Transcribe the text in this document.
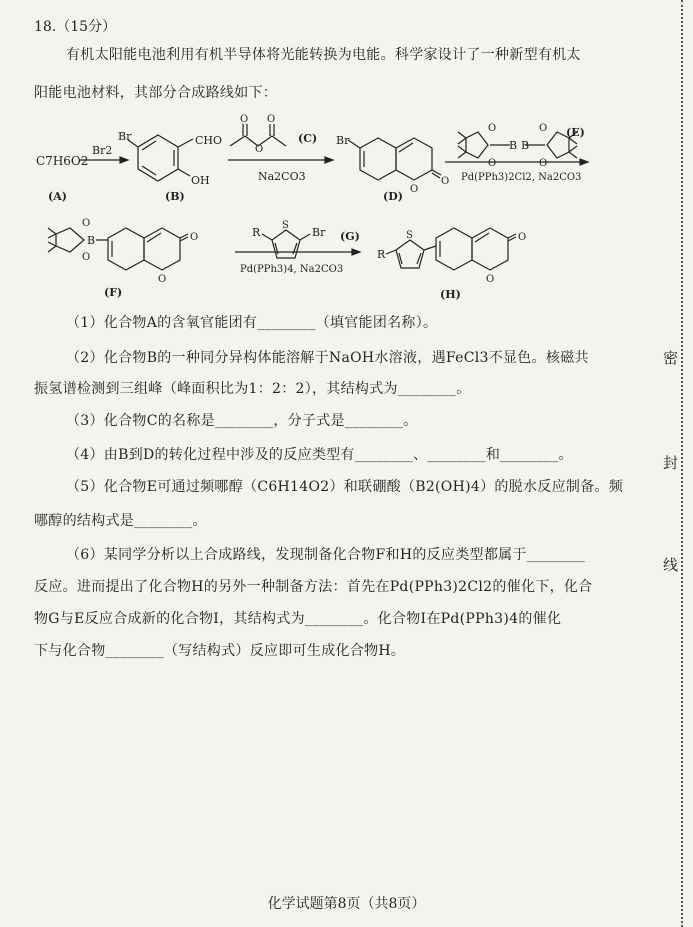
18.（15分）
有机太阳能电池利用有机半导体将光能转换为电能。科学家设计了一种新型有机太
阳能电池材料，其部分合成路线如下：
C7H6O2
Br2
(A)
Br	CHO
OH
(B)
O
O O
(C)
Na2CO3
Br
O
O
(D)
O
O
O
O
B B
(E)
Pd(PPh3)2Cl2, Na2CO3
O
O
B
O
O
(F)
R
S
Br (G)
Pd(PPh3)4, Na2CO3
R
S
O
O
(H)
（1）化合物A的含氧官能团有________（填官能团名称）。
（2）化合物B的一种同分异构体能溶解于NaOH水溶液，遇FeCl3不显色。核磁共
振氢谱检测到三组峰（峰面积比为1：2：2），其结构式为________。
（3）化合物C的名称是________，分子式是________。
（4）由B到D的转化过程中涉及的反应类型有________、________和________。
（5）化合物E可通过频哪醇（C6H14O2）和联硼酸（B2(OH)4）的脱水反应制备。频
哪醇的结构式是________。
（6）某同学分析以上合成路线，发现制备化合物F和H的反应类型都属于________
反应。进而提出了化合物H的另外一种制备方法：首先在Pd(PPh3)2Cl2的催化下，化合
物G与E反应合成新的化合物I，其结构式为________。化合物I在Pd(PPh3)4的催化
下与化合物________（写结构式）反应即可生成化合物H。
密
封
线
化学试题第8页（共8页）
